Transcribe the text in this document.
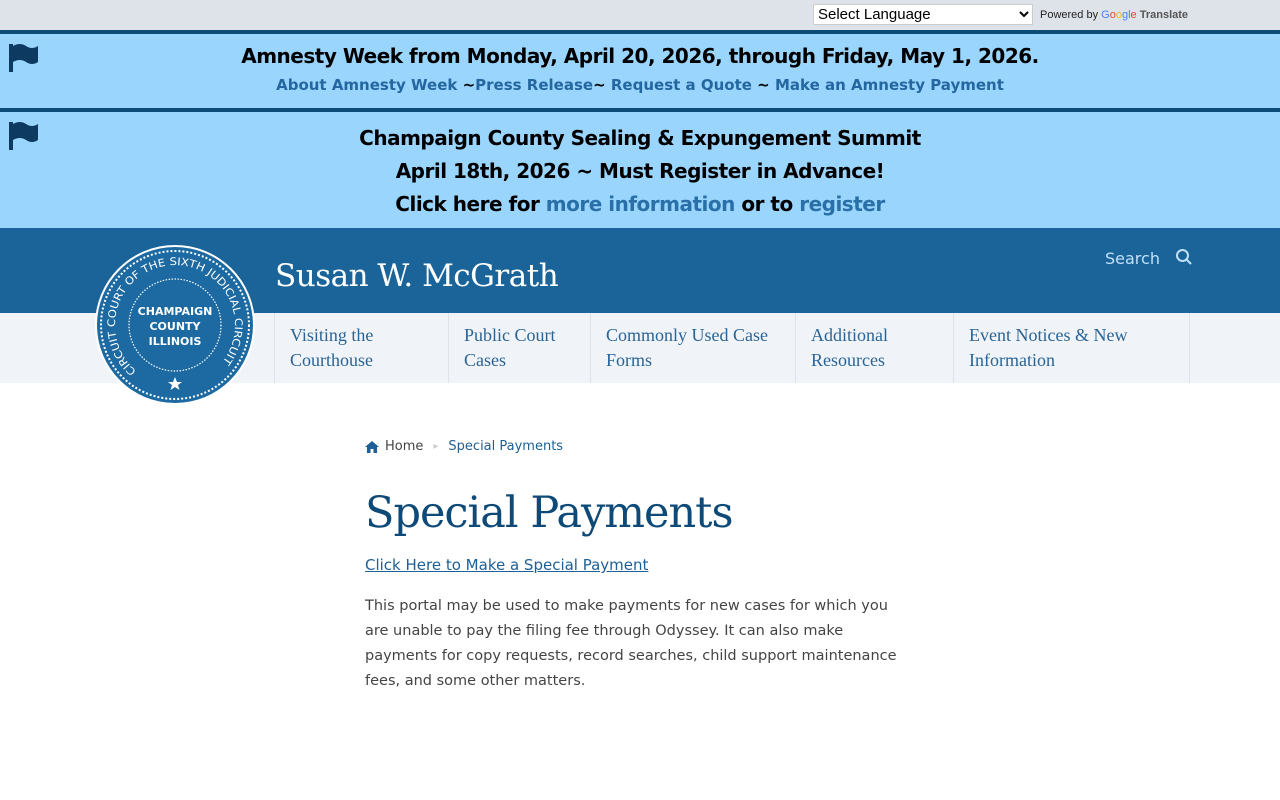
Select Language
Powered by Google Translate
Amnesty Week from Monday, April 20, 2026, through Friday, May 1, 2026.
About Amnesty Week ~Press Release~ Request a Quote ~ Make an Amnesty Payment
Champaign County Sealing & Expungement Summit
April 18th, 2026 ~ Must Register in Advance!
Click here for more information or to register
Susan W. McGrath	Search
Visiting the
Courthouse
Public Court
Cases
Commonly Used Case
Forms
Additional
Resources
Event Notices & New
Information
CIRCUIT COURT OF THE SIXTH JUDICIAL CIRCUIT
CHAMPAIGN
COUNTY
ILLINOIS
Home ▸ Special Payments
Special Payments
Click Here to Make a Special Payment

This portal may be used to make payments for new cases for which you are unable to pay the filing fee through Odyssey. It can also make payments for copy requests, record searches, child support maintenance fees, and some other matters.
